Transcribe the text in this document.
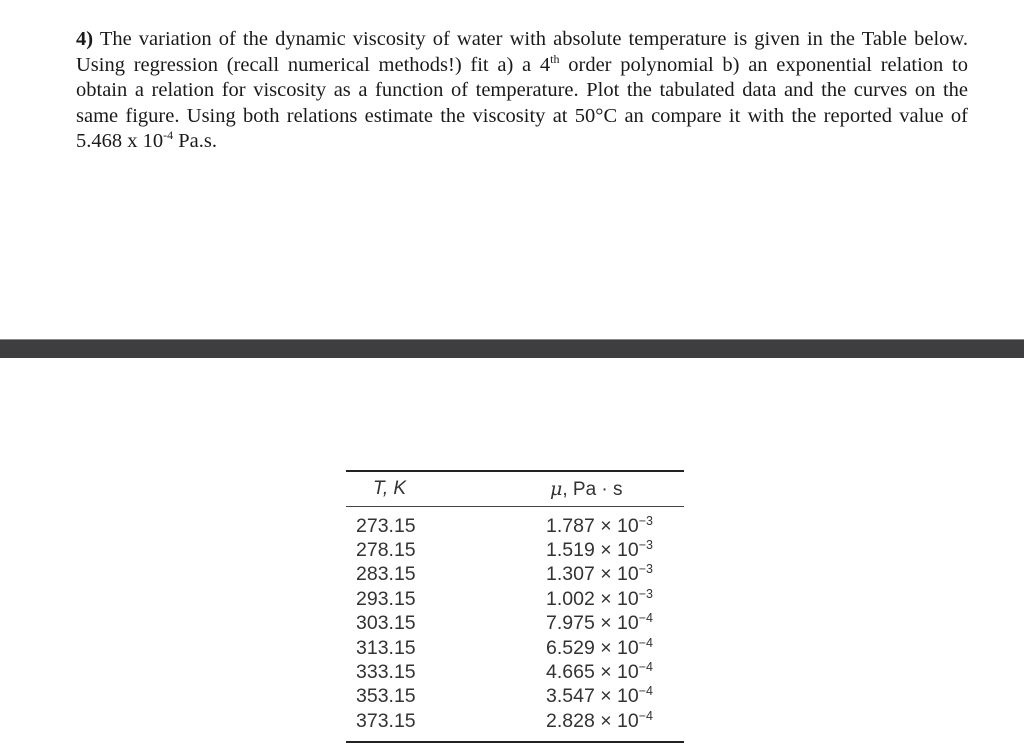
4) The variation of the dynamic viscosity of water with absolute temperature is given in the Table below. Using regression (recall numerical methods!) fit a) a 4th order polynomial b) an exponential relation to obtain a relation for viscosity as a function of temperature. Plot the tabulated data and the curves on the same figure. Using both relations estimate the viscosity at 50°C an compare it with the reported value of 5.468 x $10^{-4}$ Pa.s.
T, K	μ, Pa · s
273.15	$1.787 \times 10^{-3}$
278.15	$1.519 \times 10^{-3}$
283.15	$1.307 \times 10^{-3}$
293.15	$1.002 \times 10^{-3}$
303.15	$7.975 \times 10^{-4}$
313.15	$6.529 \times 10^{-4}$
333.15	$4.665 \times 10^{-4}$
353.15	$3.547 \times 10^{-4}$
373.15	$2.828 \times 10^{-4}$
